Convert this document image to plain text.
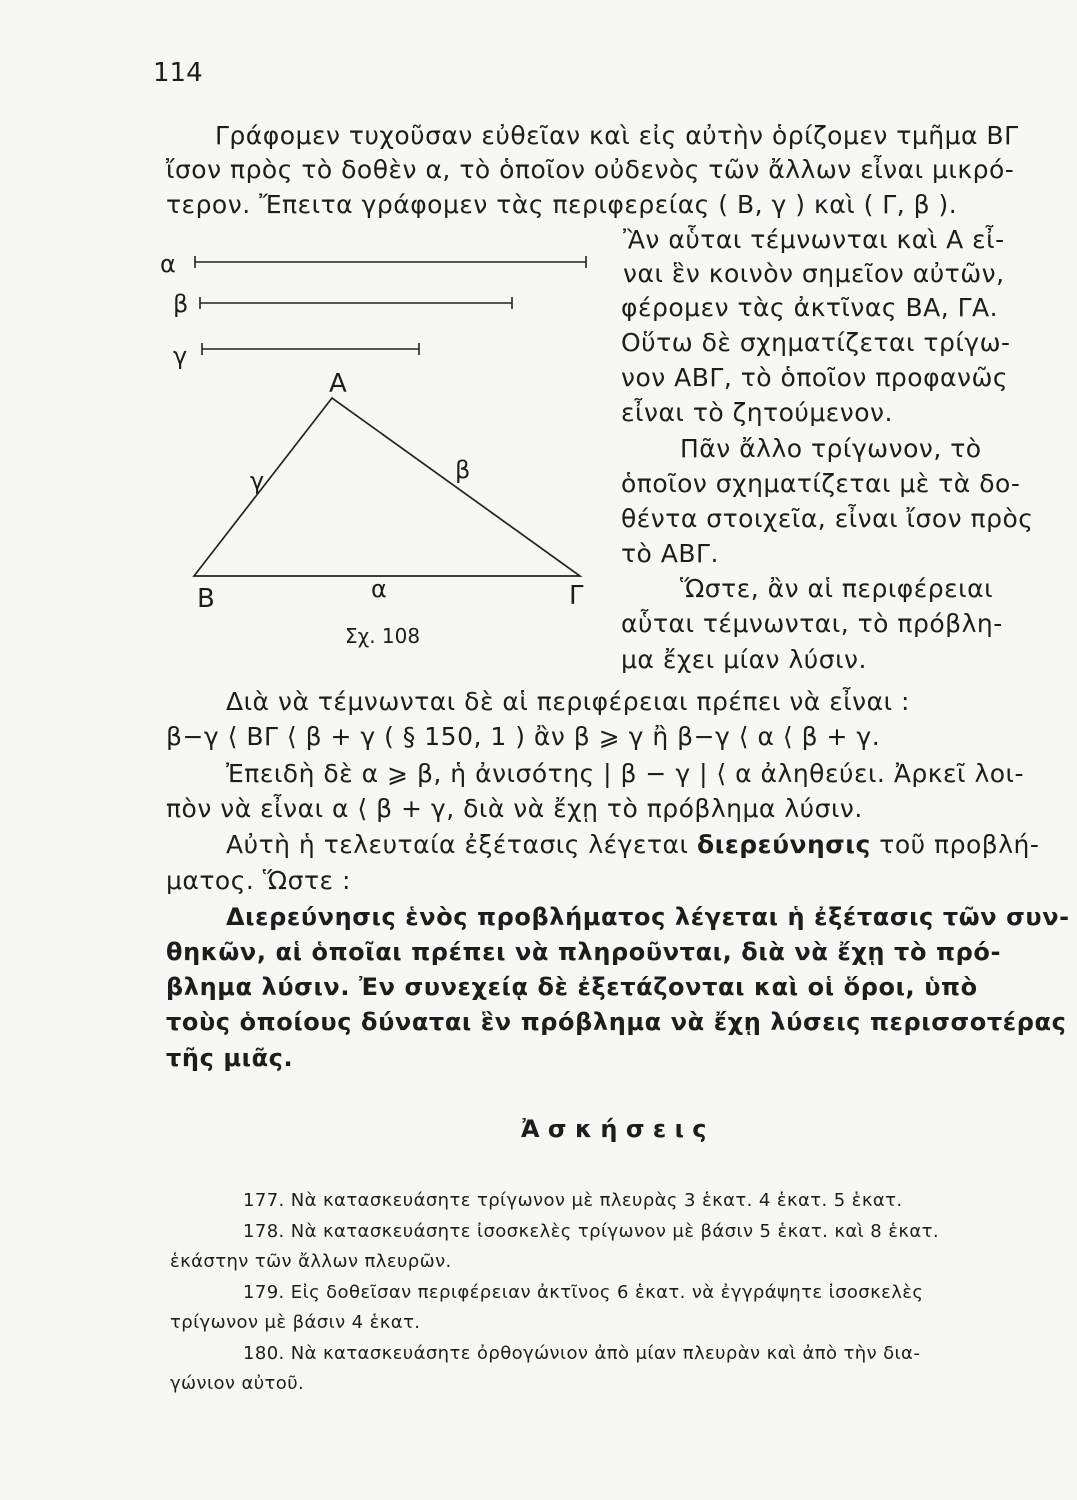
114
Γράφομεν τυχοῦσαν εὐθεῖαν καὶ εἰς αὐτὴν ὁρίζομεν τμῆμα ΒΓ
ἴσον πρὸς τὸ δοθὲν α, τὸ ὁποῖον οὐδενὸς τῶν ἄλλων εἶναι μικρό-
τερον. Ἔπειτα γράφομεν τὰς περιφερείας ( Β, γ ) καὶ ( Γ, β ).
Ἂν αὗται τέμνωνται καὶ Α εἶ-
ναι ἓν κοινὸν σημεῖον αὐτῶν,
φέρομεν τὰς ἀκτῖνας ΒΑ, ΓΑ.
Οὕτω δὲ σχηματίζεται τρίγω-
νον ΑΒΓ, τὸ ὁποῖον προφανῶς
εἶναι τὸ ζητούμενον.
Πᾶν ἄλλο τρίγωνον, τὸ
ὁποῖον σχηματίζεται μὲ τὰ δο-
θέντα στοιχεῖα, εἶναι ἴσον πρὸς
τὸ ΑΒΓ.
Ὥστε, ἂν αἱ περιφέρειαι
αὗται τέμνωνται, τὸ πρόβλη-
μα ἔχει μίαν λύσιν.
α
β
γ
Α
Β	Γ
γ	β
α
Σχ. 108
Διὰ νὰ τέμνωνται δὲ αἱ περιφέρειαι πρέπει νὰ εἶναι :
β−γ ⟨ ΒΓ ⟨ β + γ ( § 150, 1 ) ἂν β ⩾ γ ἢ β−γ ⟨ α ⟨ β + γ.
Ἐπειδὴ δὲ α ⩾ β, ἡ ἀνισότης | β − γ | ⟨ α ἀληθεύει. Ἀρκεῖ λοι-
πὸν νὰ εἶναι α ⟨ β + γ, διὰ νὰ ἔχῃ τὸ πρόβλημα λύσιν.
Αὐτὴ ἡ τελευταία ἐξέτασις λέγεται διερεύνησις τοῦ προβλή-
ματος. Ὥστε :
Διερεύνησις ἑνὸς προβλήματος λέγεται ἡ ἐξέτασις τῶν συν-
θηκῶν, αἱ ὁποῖαι πρέπει νὰ πληροῦνται, διὰ νὰ ἔχῃ τὸ πρό-
βλημα λύσιν. Ἐν συνεχείᾳ δὲ ἐξετάζονται καὶ οἱ ὅροι, ὑπὸ
τοὺς ὁποίους δύναται ἓν πρόβλημα νὰ ἔχῃ λύσεις περισσοτέρας
τῆς μιᾶς.
Ἀ σ κ ή σ ε ι ς
177. Νὰ κατασκευάσητε τρίγωνον μὲ πλευρὰς 3 ἑκατ. 4 ἑκατ. 5 ἑκατ.
178. Νὰ κατασκευάσητε ἰσοσκελὲς τρίγωνον μὲ βάσιν 5 ἑκατ. καὶ 8 ἑκατ.
ἑκάστην τῶν ἄλλων πλευρῶν.
179. Εἰς δοθεῖσαν περιφέρειαν ἀκτῖνος 6 ἑκατ. νὰ ἐγγράψητε ἰσοσκελὲς
τρίγωνον μὲ βάσιν 4 ἑκατ.
180. Νὰ κατασκευάσητε ὀρθογώνιον ἀπὸ μίαν πλευρὰν καὶ ἀπὸ τὴν δια-
γώνιον αὐτοῦ.
